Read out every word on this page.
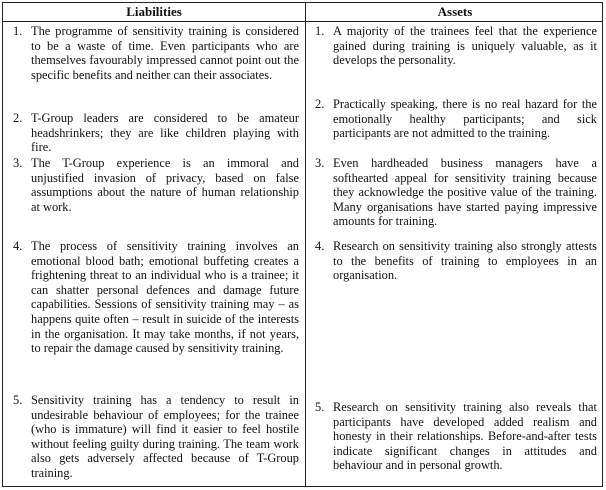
Liabilities	Assets
1. The programme of sensitivity training is considered to be a waste of time. Even participants who are themselves favourably impressed cannot point out the specific benefits and neither can their associates.
2. T-Group leaders are considered to be amateur headshrinkers; they are like children playing with fire.
3. The T-Group experience is an immoral and unjustified invasion of privacy, based on false assumptions about the nature of human relationship at work.
4. The process of sensitivity training involves an emotional blood bath; emotional buffeting creates a frightening threat to an individual who is a trainee; it can shatter personal defences and damage future capabilities. Sessions of sensitivity training may – as happens quite often – result in suicide of the interests in the organisation. It may take months, if not years, to repair the damage caused by sensitivity training.
5. Sensitivity training has a tendency to result in undesirable behaviour of employees; for the trainee (who is immature) will find it easier to feel hostile without feeling guilty during training. The team work also gets adversely affected because of T-Group training.
1. A majority of the trainees feel that the experience gained during training is uniquely valuable, as it develops the personality.
2. Practically speaking, there is no real hazard for the emotionally healthy participants; and sick participants are not admitted to the training.
3. Even hardheaded business managers have a softhearted appeal for sensitivity training because they acknowledge the positive value of the training. Many organisations have started paying impressive amounts for training.
4. Research on sensitivity training also strongly attests to the benefits of training to employees in an organisation.
5. Research on sensitivity training also reveals that participants have developed added realism and honesty in their relationships. Before-and-after tests indicate significant changes in attitudes and behaviour and in personal growth.
